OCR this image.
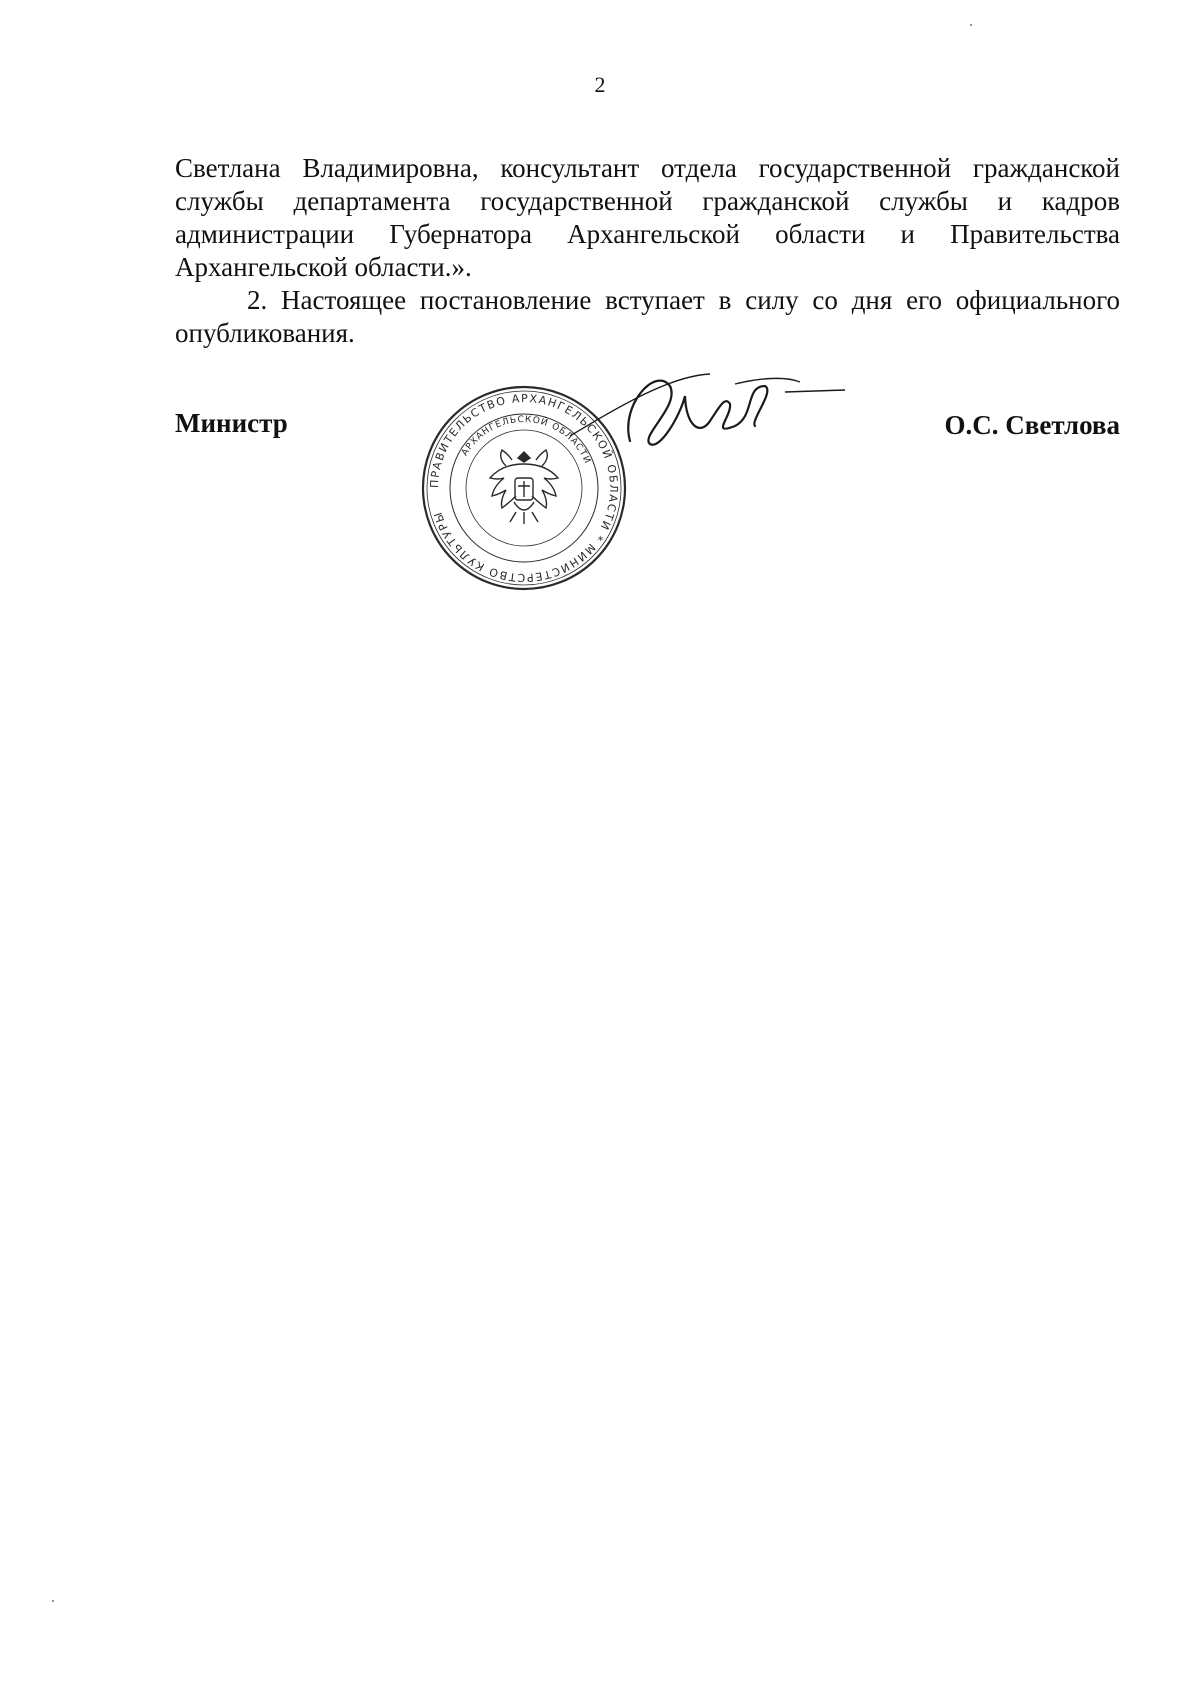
2

Светлана Владимировна, консультант отдела государственной гражданской службы департамента государственной гражданской службы и кадров администрации Губернатора Архангельской области и Правительства Архангельской области.».

2. Настоящее постановление вступает в силу со дня его официального опубликования.

Министр
ПРАВИТЕЛЬСТВО АРХАНГЕЛЬСКОЙ ОБЛАСТИ * МИНИСТЕРСТВО КУЛЬТУРЫ
АРХАНГЕЛЬСКОЙ ОБЛАСТИ
О.С. Светлова
